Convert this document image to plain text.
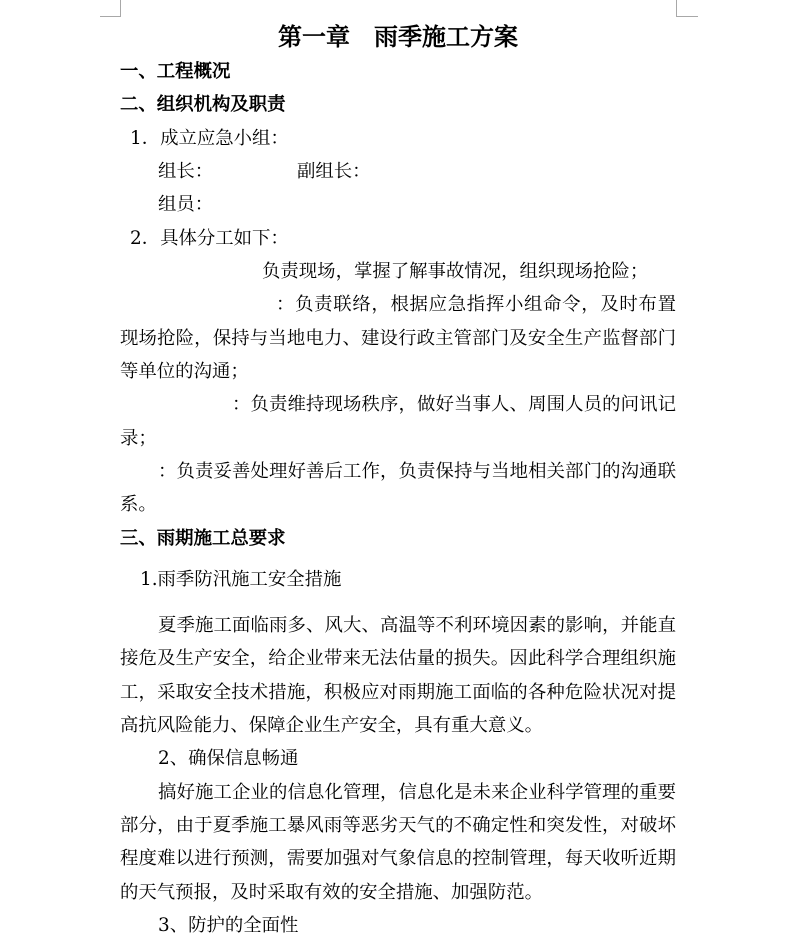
第一章　雨季施工方案
一、工程概况
二、组织机构及职责
1．成立应急小组：
组长：	副组长：
组员：
2．具体分工如下：
负责现场，掌握了解事故情况，组织现场抢险；
：负责联络，根据应急指挥小组命令，及时布置
现场抢险，保持与当地电力、建设行政主管部门及安全生产监督部门
等单位的沟通；
：负责维持现场秩序，做好当事人、周围人员的问讯记
录；
：负责妥善处理好善后工作，负责保持与当地相关部门的沟通联
系。
三、雨期施工总要求
1.雨季防汛施工安全措施
夏季施工面临雨多、风大、高温等不利环境因素的影响，并能直
接危及生产安全，给企业带来无法估量的损失。因此科学合理组织施
工，采取安全技术措施，积极应对雨期施工面临的各种危险状况对提
高抗风险能力、保障企业生产安全，具有重大意义。
2、确保信息畅通
搞好施工企业的信息化管理，信息化是未来企业科学管理的重要
部分，由于夏季施工暴风雨等恶劣天气的不确定性和突发性，对破坏
程度难以进行预测，需要加强对气象信息的控制管理，每天收听近期
的天气预报，及时采取有效的安全措施、加强防范。
3、防护的全面性
